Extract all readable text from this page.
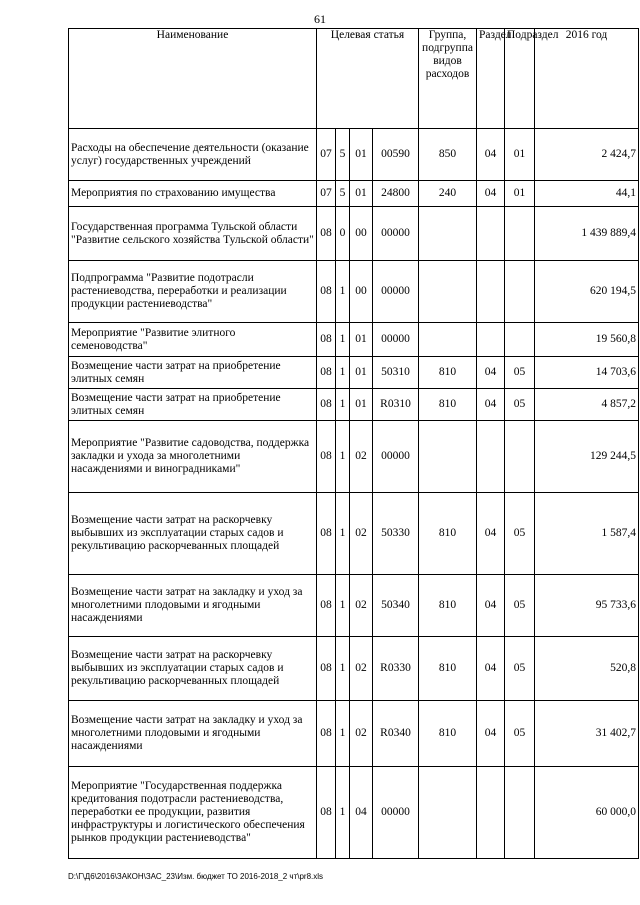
61
Наименование	Целевая статья				Группа, подгруппа видов расходов	Раздел	Подраздел	2016 год
Расходы на обеспечение деятельности (оказание услуг) государственных учреждений	07	5	01	00590	850	04	01	2 424,7
Мероприятия по страхованию имущества	07	5	01	24800	240	04	01	44,1
Государственная программа Тульской области "Развитие сельского хозяйства Тульской области"	08	0	00	00000				1 439 889,4
Подпрограмма "Развитие подотрасли растениеводства, переработки и реализации продукции растениеводства"	08	1	00	00000				620 194,5
Мероприятие "Развитие элитного семеноводства"	08	1	01	00000				19 560,8
Возмещение части затрат на приобретение элитных семян	08	1	01	50310	810	04	05	14 703,6
Возмещение части затрат на приобретение элитных семян	08	1	01	R0310	810	04	05	4 857,2
Мероприятие "Развитие садоводства, поддержка закладки и ухода за многолетними насаждениями и виноградниками"	08	1	02	00000				129 244,5
Возмещение части затрат на раскорчевку выбывших из эксплуатации старых садов и рекультивацию раскорчеванных площадей	08	1	02	50330	810	04	05	1 587,4
Возмещение части затрат на закладку и уход за многолетними плодовыми и ягодными насаждениями	08	1	02	50340	810	04	05	95 733,6
Возмещение части затрат на раскорчевку выбывших из эксплуатации старых садов и рекультивацию раскорчеванных площадей	08	1	02	R0330	810	04	05	520,8
Возмещение части затрат на закладку и уход за многолетними плодовыми и ягодными насаждениями	08	1	02	R0340	810	04	05	31 402,7
Мероприятие "Государственная поддержка кредитования подотрасли растениеводства, переработки ее продукции, развития инфраструктуры и логистического обеспечения рынков продукции растениеводства"	08	1	04	00000				60 000,0
D:\Г\Д6\2016\ЗАКОН\ЗАС_23\Изм. бюджет ТО 2016-2018_2 чт\pr8.xls
